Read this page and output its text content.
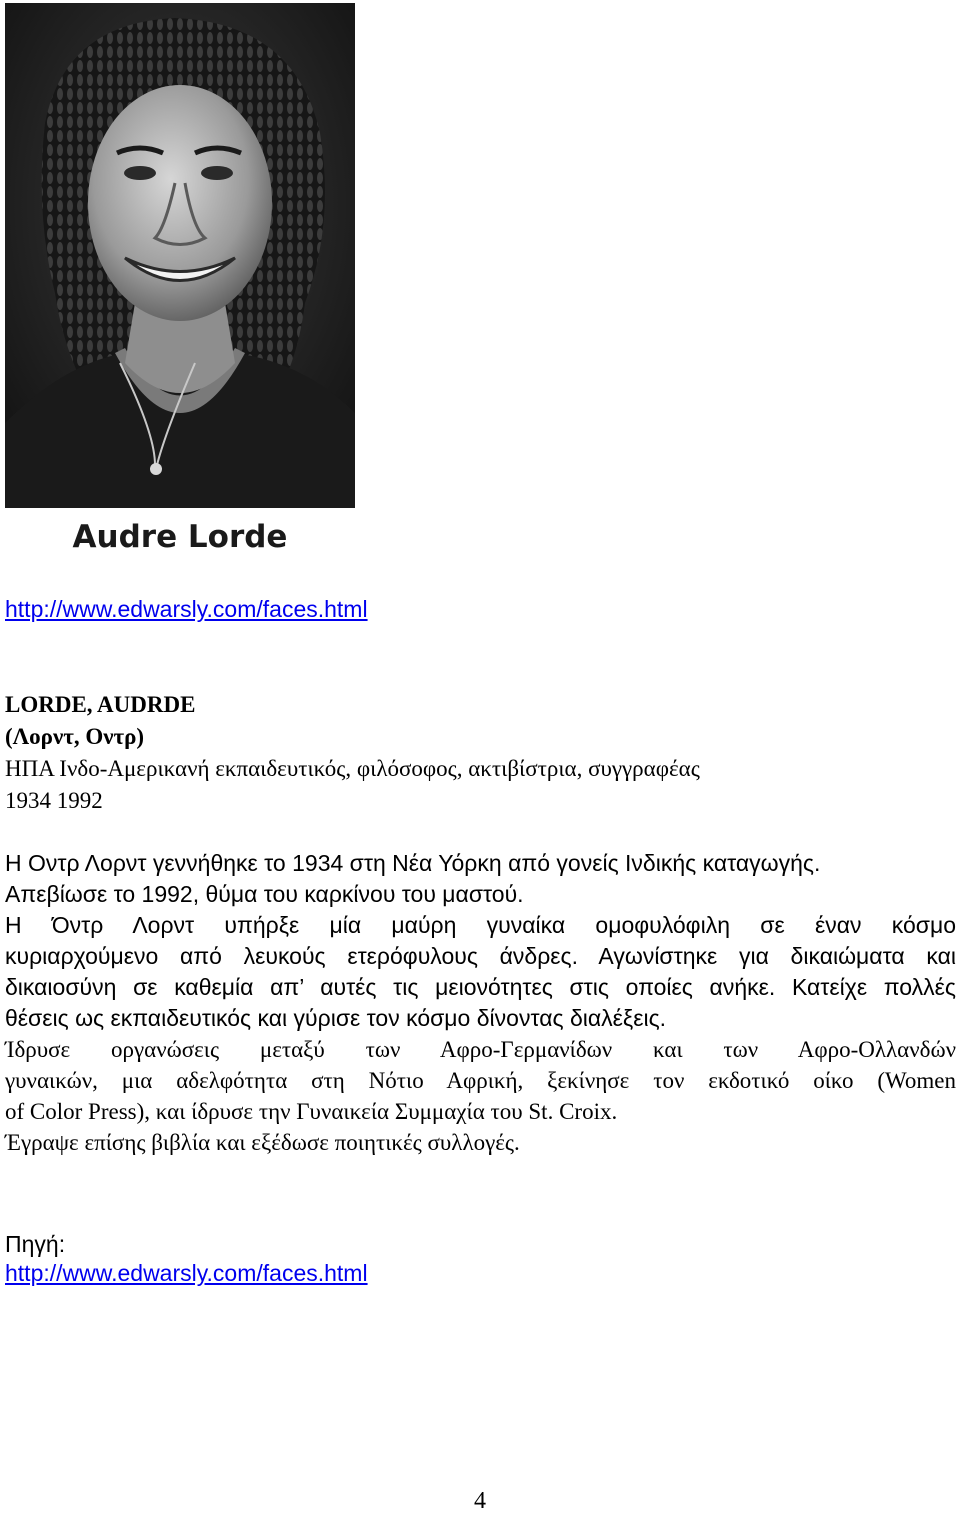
Audre Lorde
http://www.edwarsly.com/faces.html
LORDE, AUDRDE
(Λορντ, Οντρ)
ΗΠΑ Ινδο-Αμερικανή εκπαιδευτικός, φιλόσοφος, ακτιβίστρια, συγγραφέας
1934 1992
Η Οντρ Λορντ γεννήθηκε το 1934 στη Νέα Υόρκη από γονείς Ινδικής καταγωγής.
Απεβίωσε το 1992, θύμα του καρκίνου του μαστού.
Η Όντρ Λορντ υπήρξε μία μαύρη γυναίκα ομοφυλόφιλη σε έναν κόσμο
κυριαρχούμενο από λευκούς ετερόφυλους άνδρες. Αγωνίστηκε για δικαιώματα και
δικαιοσύνη σε καθεμία απ’ αυτές τις μειονότητες στις οποίες ανήκε. Κατείχε πολλές
θέσεις ως εκπαιδευτικός και γύρισε τον κόσμο δίνοντας διαλέξεις.
Ίδρυσε οργανώσεις μεταξύ των Αφρο-Γερμανίδων και των Αφρο-Ολλανδών
γυναικών, μια αδελφότητα στη Νότιο Αφρική, ξεκίνησε τον εκδοτικό οίκο (Women
of Color Press), και ίδρυσε την Γυναικεία Συμμαχία του St. Croix.
Έγραψε επίσης βιβλία και εξέδωσε ποιητικές συλλογές.
Πηγή:
http://www.edwarsly.com/faces.html
4
